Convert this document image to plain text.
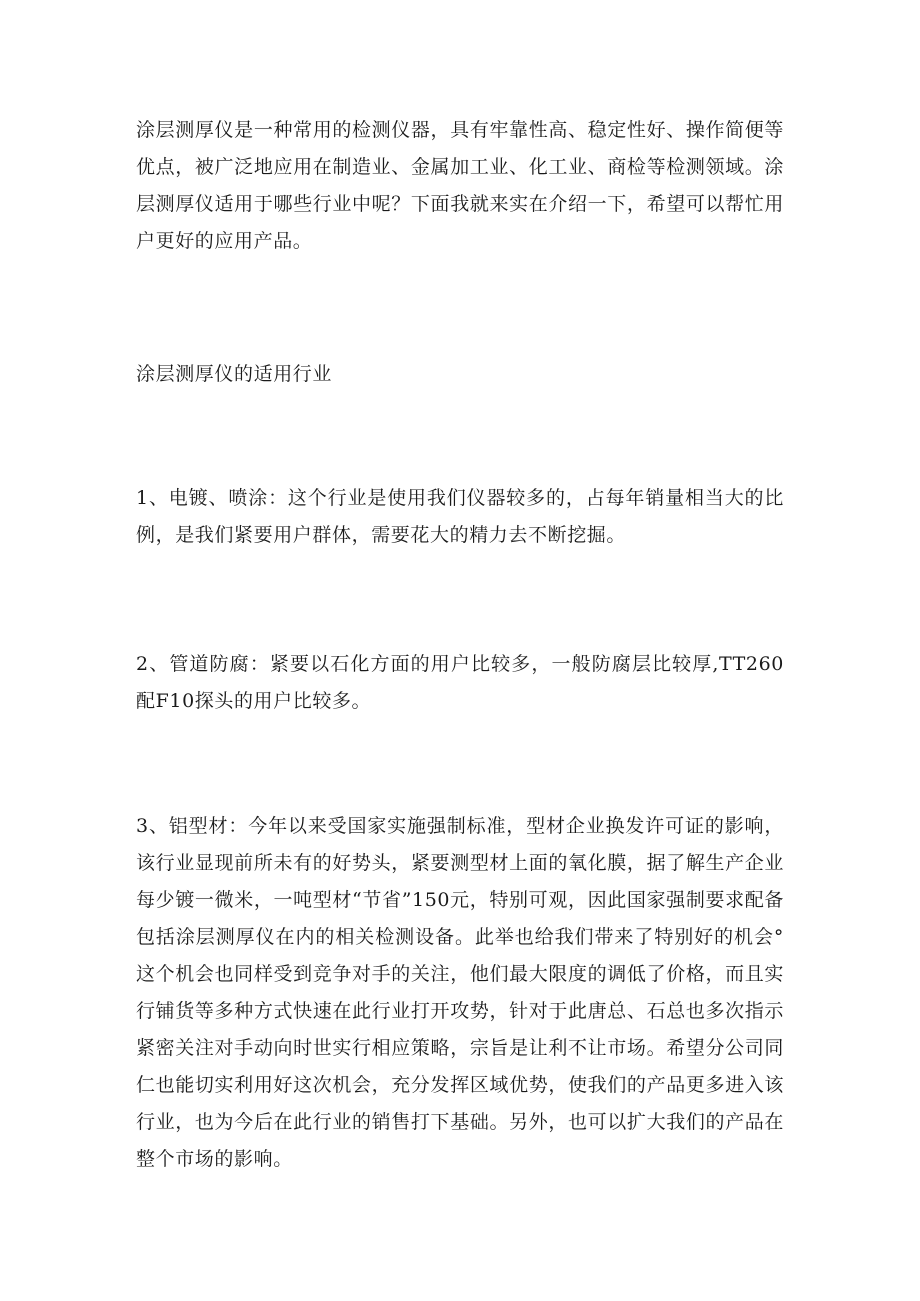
涂层测厚仪是一种常用的检测仪器，具有牢靠性高、稳定性好、操作简便等优点，被广泛地应用在制造业、金属加工业、化工业、商检等检测领域。涂层测厚仪适用于哪些行业中呢？下面我就来实在介绍一下，希望可以帮忙用户更好的应用产品。

涂层测厚仪的适用行业

1、电镀、喷涂：这个行业是使用我们仪器较多的，占每年销量相当大的比例，是我们紧要用户群体，需要花大的精力去不断挖掘。

2、管道防腐：紧要以石化方面的用户比较多，一般防腐层比较厚,TT260配F10探头的用户比较多。

3、铝型材：今年以来受国家实施强制标准，型材企业换发许可证的影响，该行业显现前所未有的好势头，紧要测型材上面的氧化膜，据了解生产企业每少镀一微米，一吨型材“节省”150元，特别可观，因此国家强制要求配备包括涂层测厚仪在内的相关检测设备。此举也给我们带来了特别好的机会°这个机会也同样受到竞争对手的关注，他们最大限度的调低了价格，而且实行铺货等多种方式快速在此行业打开攻势，针对于此唐总、石总也多次指示紧密关注对手动向时世实行相应策略，宗旨是让利不让市场。希望分公司同仁也能切实利用好这次机会，充分发挥区域优势，使我们的产品更多进入该行业，也为今后在此行业的销售打下基础。另外，也可以扩大我们的产品在整个市场的影响。
